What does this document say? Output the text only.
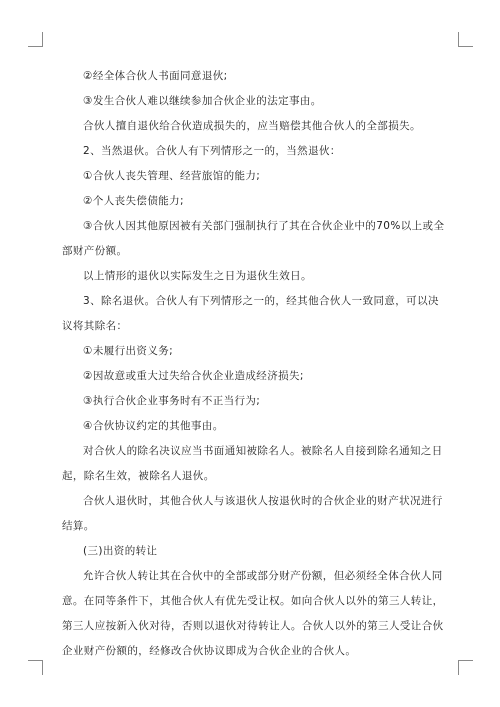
②经全体合伙人书面同意退伙;

③发生合伙人难以继续参加合伙企业的法定事由。

合伙人擅自退伙给合伙造成损失的，应当赔偿其他合伙人的全部损失。

2、当然退伙。合伙人有下列情形之一的，当然退伙：

①合伙人丧失管理、经营旅馆的能力;

②个人丧失偿债能力;

③合伙人因其他原因被有关部门强制执行了其在合伙企业中的70%以上或全部财产份额。

以上情形的退伙以实际发生之日为退伙生效日。

3、除名退伙。合伙人有下列情形之一的，经其他合伙人一致同意，可以决议将其除名：

①未履行出资义务;

②因故意或重大过失给合伙企业造成经济损失;

③执行合伙企业事务时有不正当行为;

④合伙协议约定的其他事由。

对合伙人的除名决议应当书面通知被除名人。被除名人自接到除名通知之日起，除名生效，被除名人退伙。

合伙人退伙时，其他合伙人与该退伙人按退伙时的合伙企业的财产状况进行结算。

(三)出资的转让

允许合伙人转让其在合伙中的全部或部分财产份额，但必须经全体合伙人同意。在同等条件下，其他合伙人有优先受让权。如向合伙人以外的第三人转让，第三人应按新入伙对待，否则以退伙对待转让人。合伙人以外的第三人受让合伙企业财产份额的，经修改合伙协议即成为合伙企业的合伙人。
